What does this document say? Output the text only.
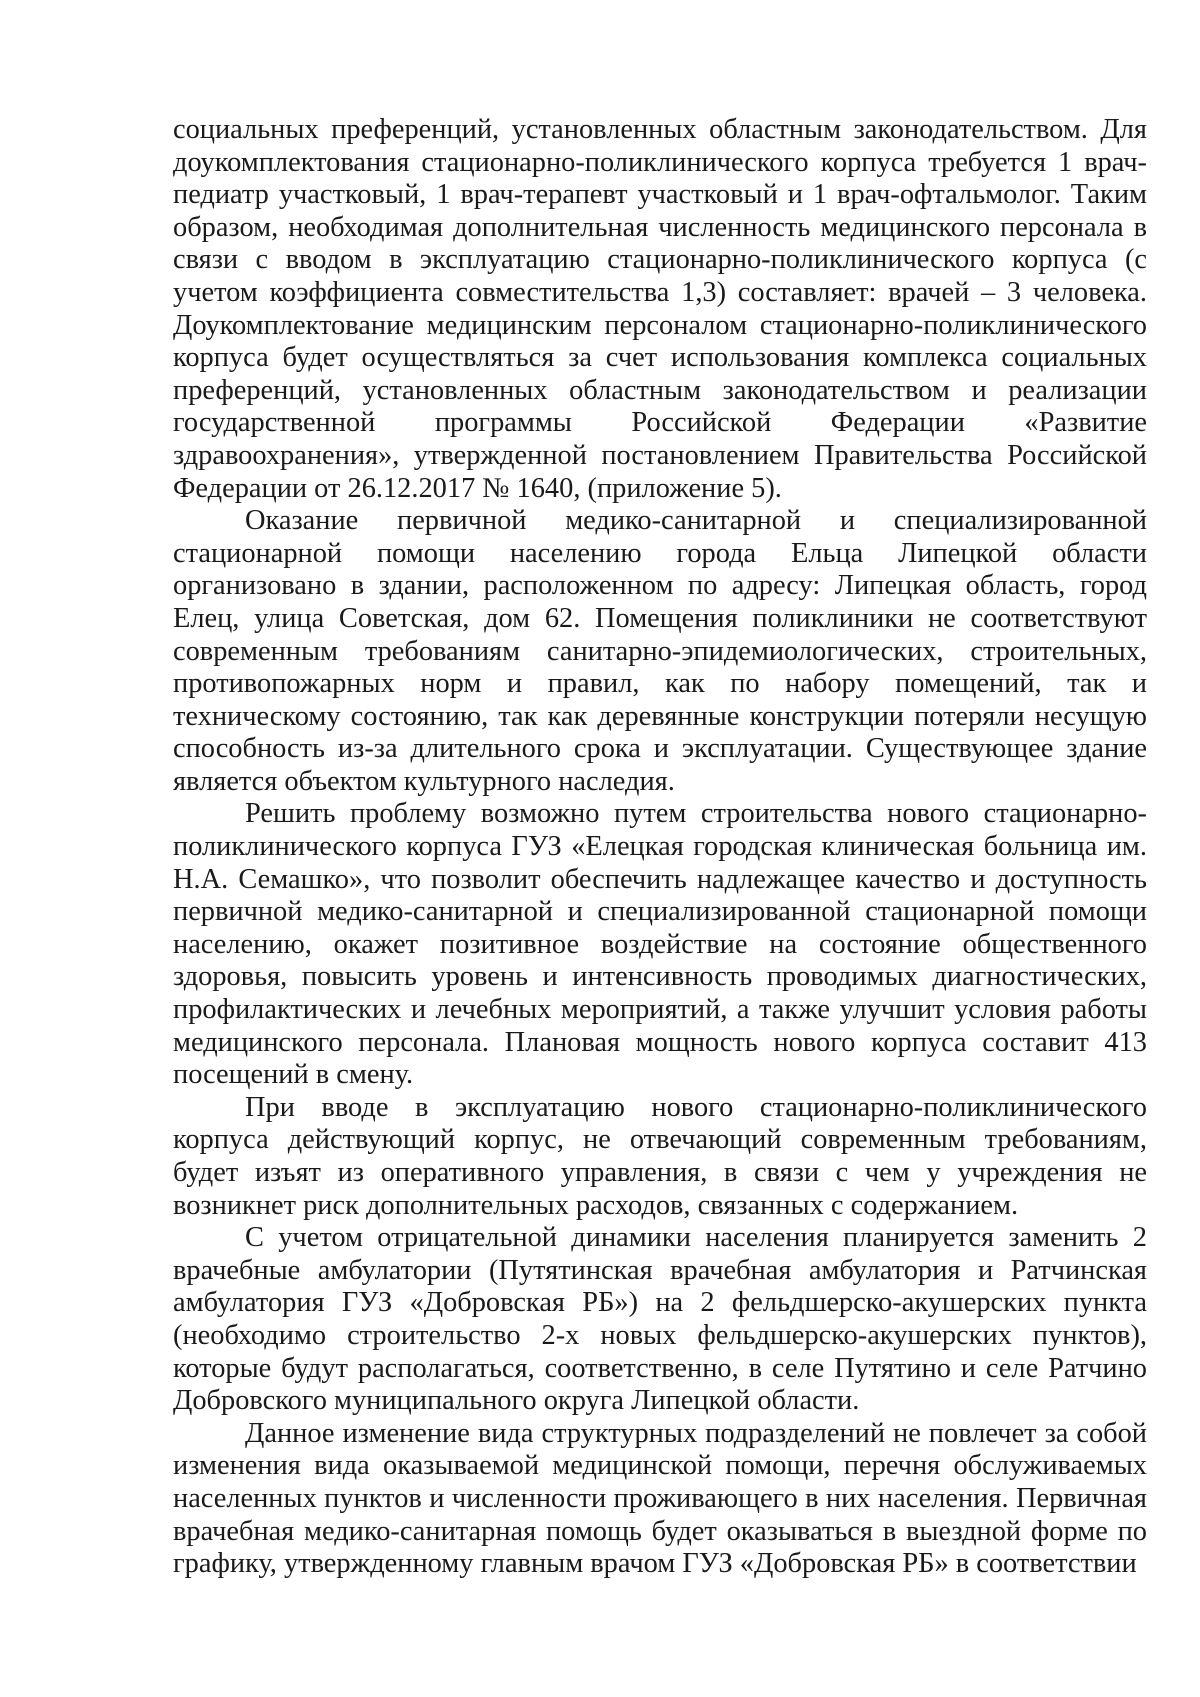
социальных преференций, установленных областным законодательством. Для доукомплектования стационарно-поликлинического корпуса требуется 1 врач-педиатр участковый, 1 врач-терапевт участковый и 1 врач-офтальмолог. Таким образом, необходимая дополнительная численность медицинского персонала в связи с вводом в эксплуатацию стационарно-поликлинического корпуса (с учетом коэффициента совместительства 1,3) составляет: врачей – 3 человека. Доукомплектование медицинским персоналом стационарно-поликлинического корпуса будет осуществляться за счет использования комплекса социальных преференций, установленных областным законодательством и реализации государственной программы Российской Федерации «Развитие здравоохранения», утвержденной постановлением Правительства Российской Федерации от 26.12.2017 № 1640, (приложение 5).

Оказание первичной медико-санитарной и специализированной стационарной помощи населению города Ельца Липецкой области организовано в здании, расположенном по адресу: Липецкая область, город Елец, улица Советская, дом 62. Помещения поликлиники не соответствуют современным требованиям санитарно-эпидемиологических, строительных, противопожарных норм и правил, как по набору помещений, так и техническому состоянию, так как деревянные конструкции потеряли несущую способность из-за длительного срока и эксплуатации. Существующее здание является объектом культурного наследия.

Решить проблему возможно путем строительства нового стационарно-поликлинического корпуса ГУЗ «Елецкая городская клиническая больница им. Н.А. Семашко», что позволит обеспечить надлежащее качество и доступность первичной медико-санитарной и специализированной стационарной помощи населению, окажет позитивное воздействие на состояние общественного здоровья, повысить уровень и интенсивность проводимых диагностических, профилактических и лечебных мероприятий, а также улучшит условия работы медицинского персонала. Плановая мощность нового корпуса составит 413 посещений в смену.

При вводе в эксплуатацию нового стационарно-поликлинического корпуса действующий корпус, не отвечающий современным требованиям, будет изъят из оперативного управления, в связи с чем у учреждения не возникнет риск дополнительных расходов, связанных с содержанием.

С учетом отрицательной динамики населения планируется заменить 2 врачебные амбулатории (Путятинская врачебная амбулатория и Ратчинская амбулатория ГУЗ «Добровская РБ») на 2 фельдшерско-акушерских пункта (необходимо строительство 2-х новых фельдшерско-акушерских пунктов), которые будут располагаться, соответственно, в селе Путятино и селе Ратчино Добровского муниципального округа Липецкой области.

Данное изменение вида структурных подразделений не повлечет за собой изменения вида оказываемой медицинской помощи, перечня обслуживаемых населенных пунктов и численности проживающего в них населения. Первичная врачебная медико-санитарная помощь будет оказываться в выездной форме по графику, утвержденному главным врачом ГУЗ «Добровская РБ» в соответствии
